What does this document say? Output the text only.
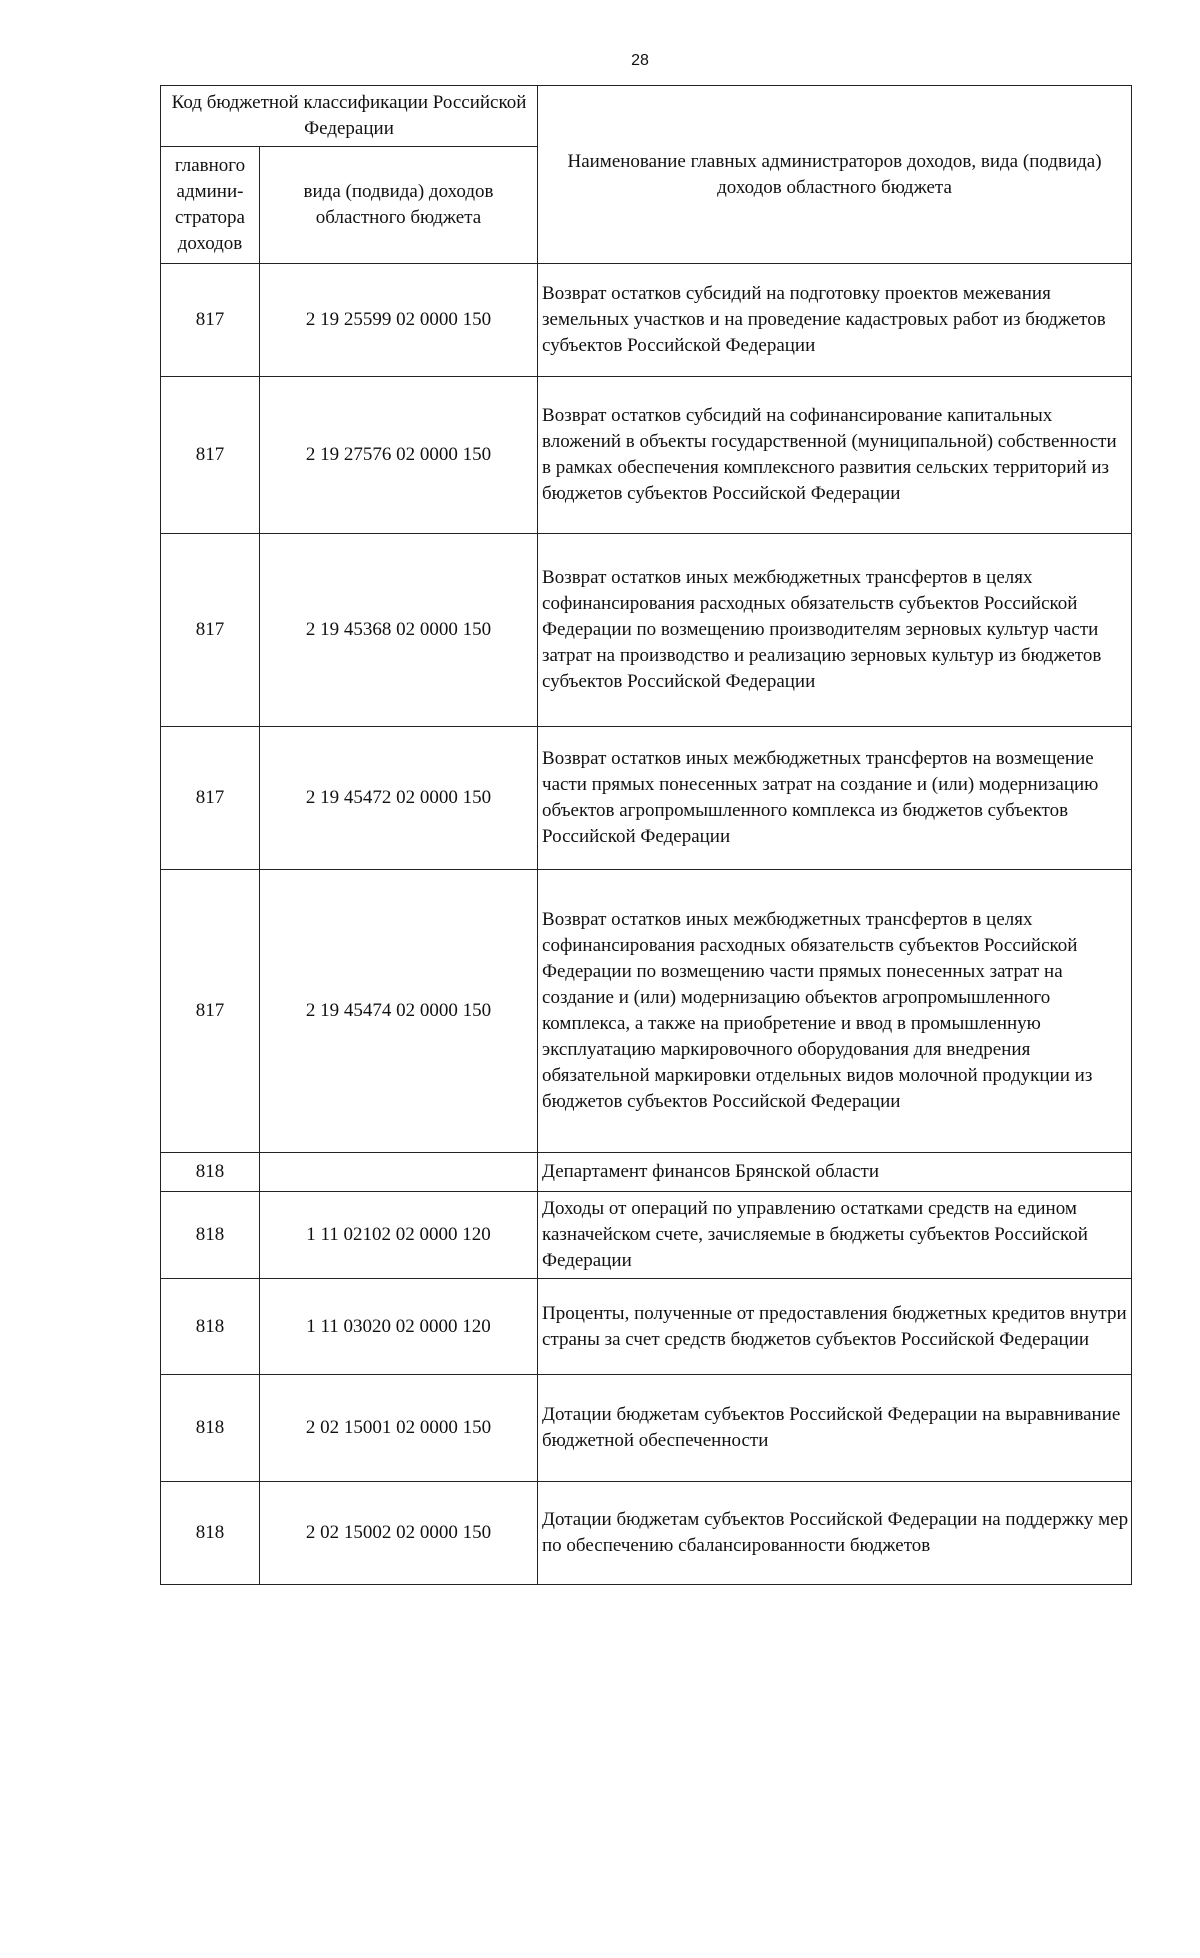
28
Код бюджетной классификации Российской Федерации		Наименование главных администраторов доходов, вида (подвида) доходов областного бюджета
главного админи-стратора доходов	вида (подвида) доходов областного бюджета	
817	2 19 25599 02 0000 150	Возврат остатков субсидий на подготовку проектов межевания земельных участков и на проведение кадастровых работ из бюджетов субъектов Российской Федерации
817	2 19 27576 02 0000 150	Возврат остатков субсидий на софинансирование капитальных вложений в объекты государственной (муниципальной) собственности в рамках обеспечения комплексного развития сельских территорий из бюджетов субъектов Российской Федерации
817	2 19 45368 02 0000 150	Возврат остатков иных межбюджетных трансфертов в целях софинансирования расходных обязательств субъектов Российской Федерации по возмещению производителям зерновых культур части затрат на производство и реализацию зерновых культур из бюджетов субъектов Российской Федерации
817	2 19 45472 02 0000 150	Возврат остатков иных межбюджетных трансфертов на возмещение части прямых понесенных затрат на создание и (или) модернизацию объектов агропромышленного комплекса из бюджетов субъектов Российской Федерации
817	2 19 45474 02 0000 150	Возврат остатков иных межбюджетных трансфертов в целях софинансирования расходных обязательств субъектов Российской Федерации по возмещению части прямых понесенных затрат на создание и (или) модернизацию объектов агропромышленного комплекса, а также на приобретение и ввод в промышленную эксплуатацию маркировочного оборудования для внедрения обязательной маркировки отдельных видов молочной продукции из бюджетов субъектов Российской Федерации
818		Департамент финансов Брянской области
818	1 11 02102 02 0000 120	Доходы от операций по управлению остатками средств на едином казначейском счете, зачисляемые в бюджеты субъектов Российской Федерации
818	1 11 03020 02 0000 120	Проценты, полученные от предоставления бюджетных кредитов внутри страны за счет средств бюджетов субъектов Российской Федерации
818	2 02 15001 02 0000 150	Дотации бюджетам субъектов Российской Федерации на выравнивание бюджетной обеспеченности
818	2 02 15002 02 0000 150	Дотации бюджетам субъектов Российской Федерации на поддержку мер по обеспечению сбалансированности бюджетов
